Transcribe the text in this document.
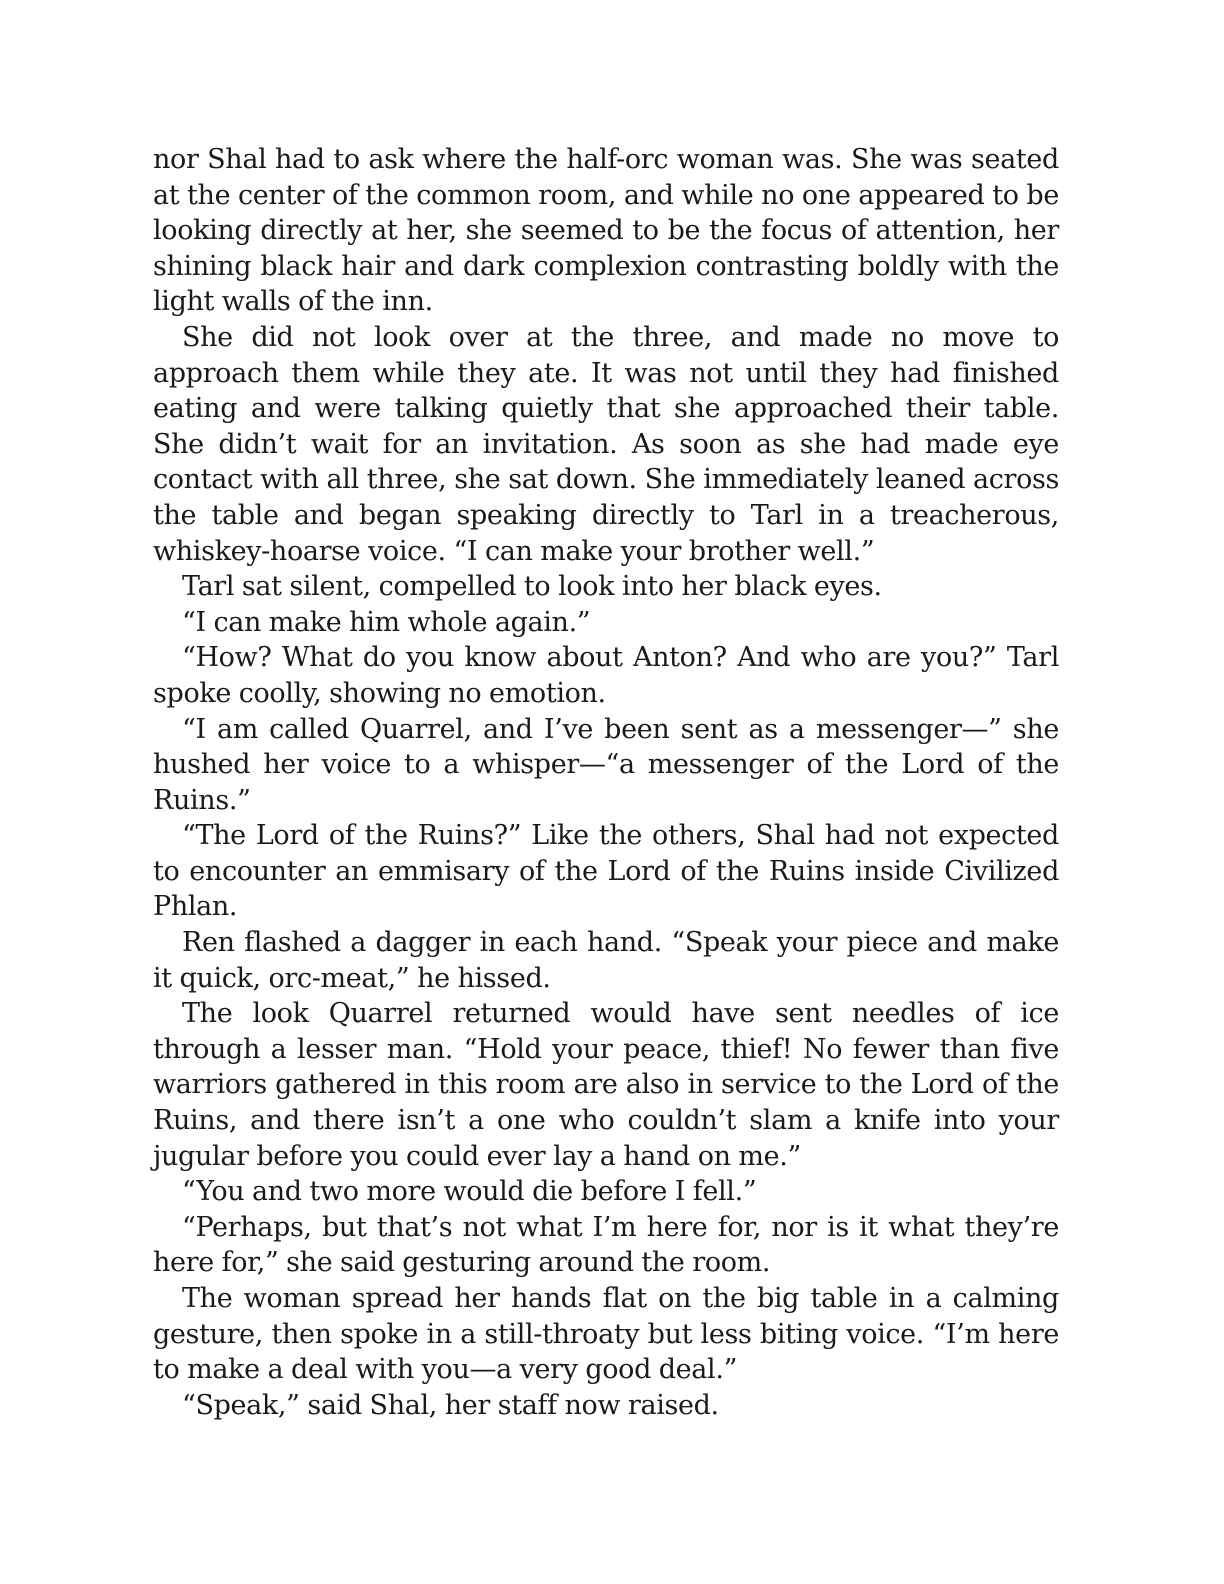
nor Shal had to ask where the half-orc woman was. She was seated at the center of the common room, and while no one appeared to be looking directly at her, she seemed to be the focus of attention, her shining black hair and dark complexion contrasting boldly with the light walls of the inn.

She did not look over at the three, and made no move to approach them while they ate. It was not until they had finished eating and were talking quietly that she approached their table. She didn’t wait for an invitation. As soon as she had made eye contact with all three, she sat down. She immediately leaned across the table and began speaking directly to Tarl in a treacherous, whiskey-hoarse voice. “I can make your brother well.”

Tarl sat silent, compelled to look into her black eyes.

“I can make him whole again.”

“How? What do you know about Anton? And who are you?” Tarl spoke coolly, showing no emotion.

“I am called Quarrel, and I’ve been sent as a messenger—” she hushed her voice to a whisper—“a messenger of the Lord of the Ruins.”

“The Lord of the Ruins?” Like the others, Shal had not expected to encounter an emmisary of the Lord of the Ruins inside Civilized Phlan.

Ren flashed a dagger in each hand. “Speak your piece and make it quick, orc-meat,” he hissed.

The look Quarrel returned would have sent needles of ice through a lesser man. “Hold your peace, thief! No fewer than five warriors gathered in this room are also in service to the Lord of the Ruins, and there isn’t a one who couldn’t slam a knife into your jugular before you could ever lay a hand on me.”

“You and two more would die before I fell.”

“Perhaps, but that’s not what I’m here for, nor is it what they’re here for,” she said gesturing around the room.

The woman spread her hands flat on the big table in a calming gesture, then spoke in a still-throaty but less biting voice. “I’m here to make a deal with you—a very good deal.”

“Speak,” said Shal, her staff now raised.
